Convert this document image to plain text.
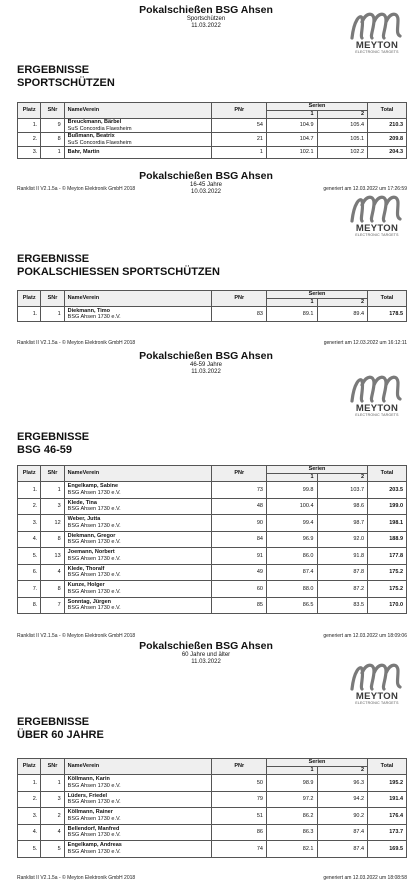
Pokalschießen BSG Ahsen
Sportschützen
11.03.2022
MEYTON
ELECTRONIC TARGETS
ERGEBNISSE
SPORTSCHÜTZEN
Platz	SNr	NameVerein	PNr	Serien		Total
				1	2	
1.	9	Breuckmann, Bärbel
SuS Concordia Flaesheim	54	104.9	105.4	210.3
2.	8	Bußmann, Beatrix
SuS Concordia Flaesheim	21	104.7	105.1	209.8
3.	1	Bahr, Martin	1	102.1	102.2	204.3
Ranklist II V2.1.5a - © Meyton Elektronik GmbH 2018	generiert am 12.03.2022 um 17:26:59
Pokalschießen BSG Ahsen
16-45 Jahre
10.03.2022
MEYTON
ELECTRONIC TARGETS
ERGEBNISSE
POKALSCHIESSEN SPORTSCHÜTZEN
Platz	SNr	NameVerein	PNr	Serien		Total
				1	2	
1.	1	Diekmann, Timo
BSG Ahsen 1730 e.V.	83	89.1	89.4	178.5
Ranklist II V2.1.5a - © Meyton Elektronik GmbH 2018	generiert am 12.03.2022 um 16:12:11
Pokalschießen BSG Ahsen
46-59 Jahre
11.03.2022
MEYTON
ELECTRONIC TARGETS
ERGEBNISSE
BSG 46-59
Platz	SNr	NameVerein	PNr	Serien		Total
				1	2	
1.	1	Engelkamp, Sabine
BSG Ahsen 1730 e.V.	73	99.8	103.7	203.5
2.	3	Klede, Tina
BSG Ahsen 1730 e.V.	48	100.4	98.6	199.0
3.	12	Weber, Jutta
BSG Ahsen 1730 e.V.	90	99.4	98.7	198.1
4.	8	Diekmann, Gregor
BSG Ahsen 1730 e.V.	84	96.9	92.0	188.9
5.	13	Joemann, Norbert
BSG Ahsen 1730 e.V.	91	86.0	91.8	177.8
6.	4	Klede, Thoralf
BSG Ahsen 1730 e.V.	49	87.4	87.8	175.2
7.	8	Kunze, Holger
BSG Ahsen 1730 e.V.	60	88.0	87.2	175.2
8.	7	Sonntag, Jürgen
BSG Ahsen 1730 e.V.	85	86.5	83.5	170.0
Ranklist II V2.1.5a - © Meyton Elektronik GmbH 2018	generiert am 12.03.2022 um 18:09:06
Pokalschießen BSG Ahsen
60 Jahre und älter
11.03.2022
MEYTON
ELECTRONIC TARGETS
ERGEBNISSE
ÜBER 60 JAHRE
Platz	SNr	NameVerein	PNr	Serien		Total
				1	2	
1.	1	Köllmann, Karin
BSG Ahsen 1730 e.V.	50	98.9	96.3	195.2
2.	3	Lüders, Friedel
BSG Ahsen 1730 e.V.	79	97.2	94.2	191.4
3.	2	Köllmann, Rainer
BSG Ahsen 1730 e.V.	51	86.2	90.2	176.4
4.	4	Bellendorf, Manfred
BSG Ahsen 1730 e.V.	86	86.3	87.4	173.7
5.	5	Engelkamp, Andreas
BSG Ahsen 1730 e.V.	74	82.1	87.4	169.5
Ranklist II V2.1.5a - © Meyton Elektronik GmbH 2018	generiert am 12.03.2022 um 18:08:58
